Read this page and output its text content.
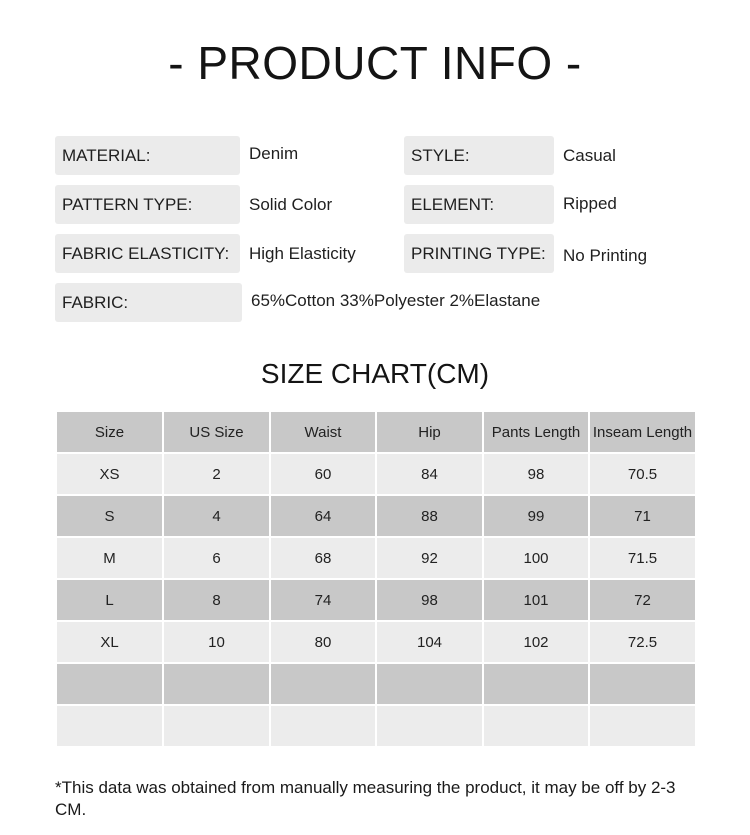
- PRODUCT INFO -
MATERIAL:	Denim	STYLE:	Casual
PATTERN TYPE:	Solid Color	ELEMENT:	Ripped
FABRIC ELASTICITY:	High Elasticity	PRINTING TYPE:	No Printing
FABRIC:	65%Cotton 33%Polyester 2%Elastane
SIZE CHART(CM)
Size	US Size	Waist	Hip	Pants Length	Inseam Length
XS	2	60	84	98	70.5
S	4	64	88	99	71
M	6	68	92	100	71.5
L	8	74	98	101	72
XL	10	80	104	102	72.5

*This data was obtained from manually measuring the product, it may be off by 2-3 CM.
